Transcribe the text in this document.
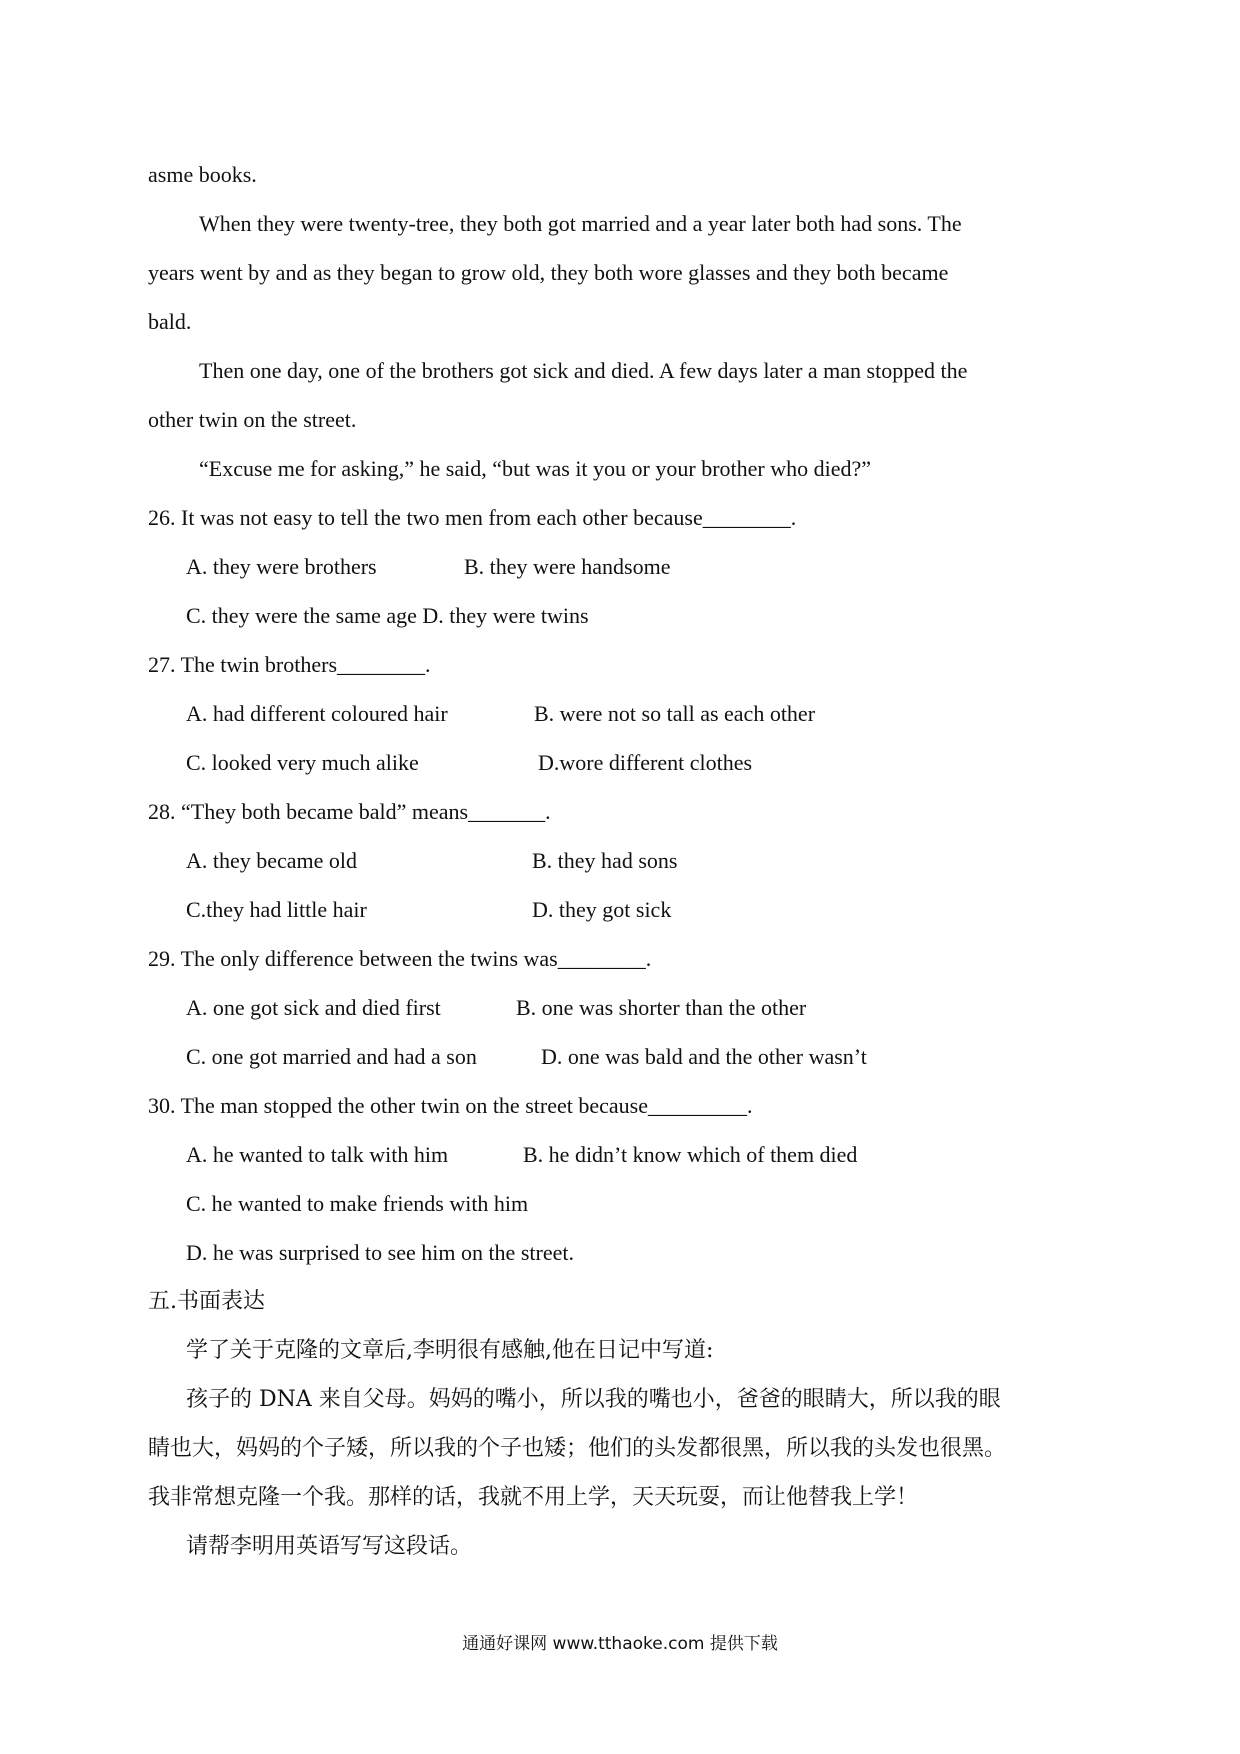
asme books.
When they were twenty-tree, they both got married and a year later both had sons. The
years went by and as they began to grow old, they both wore glasses and they both became
bald.
Then one day, one of the brothers got sick and died. A few days later a man stopped the
other twin on the street.
“Excuse me for asking,” he said, “but was it you or your brother who died?”
26. It was not easy to tell the two men from each other because________.
A. they were brothers	B. they were handsome
C. they were the same age D. they were twins
27. The twin brothers________.
A. had different coloured hair	B. were not so tall as each other
C. looked very much alike	D.wore different clothes
28. “They both became bald” means_______.
A. they became old	B. they had sons
C.they had little hair	D. they got sick
29. The only difference between the twins was________.
A. one got sick and died first	B. one was shorter than the other
C. one got married and had a son	D. one was bald and the other wasn’t
30. The man stopped the other twin on the street because_________.
A. he wanted to talk with him	B. he didn’t know which of them died
C. he wanted to make friends with him
D. he was surprised to see him on the street.
五.书面表达
学了关于克隆的文章后,李明很有感触,他在日记中写道:
孩子的 DNA 来自父母。妈妈的嘴小，所以我的嘴也小，爸爸的眼睛大，所以我的眼
睛也大，妈妈的个子矮，所以我的个子也矮；他们的头发都很黑，所以我的头发也很黑。
我非常想克隆一个我。那样的话，我就不用上学，天天玩耍，而让他替我上学！
请帮李明用英语写写这段话。
通通好课网 www.tthaoke.com 提供下载
